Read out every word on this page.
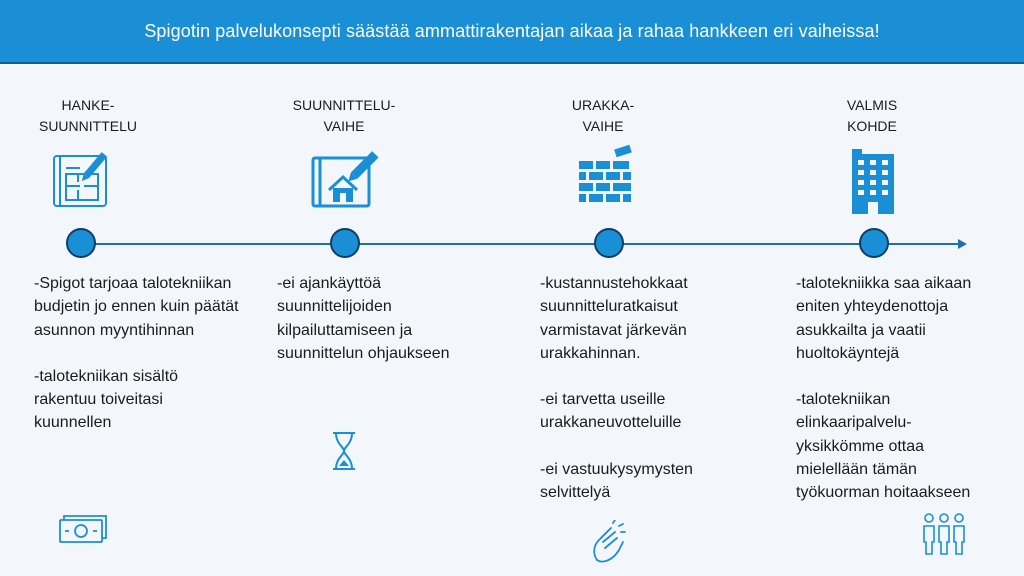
Spigotin palvelukonsepti säästää ammattirakentajan aikaa ja rahaa hankkeen eri vaiheissa!
HANKE-
SUUNNITTELU
SUUNNITTELU-
VAIHE
URAKKA-
VAIHE
VALMIS
KOHDE

-Spigot tarjoaa talotekniikan budjetin jo ennen kuin päätät asunnon myyntihinnan

-talotekniikan sisältö rakentuu toiveitasi kuunnellen

-ei ajankäyttöä suunnittelijoiden kilpailuttamiseen ja suunnittelun ohjaukseen

-kustannustehokkaat suunnitteluratkaisut varmistavat järkevän urakkahinnan.

-ei tarvetta useille urakkaneuvotteluille

-ei vastuukysymysten selvittelyä

-talotekniikka saa aikaan eniten yhteydenottoja asukkailta ja vaatii huoltokäyntejä

-talotekniikan elinkaaripalvelu-yksikkömme ottaa mielellään tämän työkuorman hoitaakseen
